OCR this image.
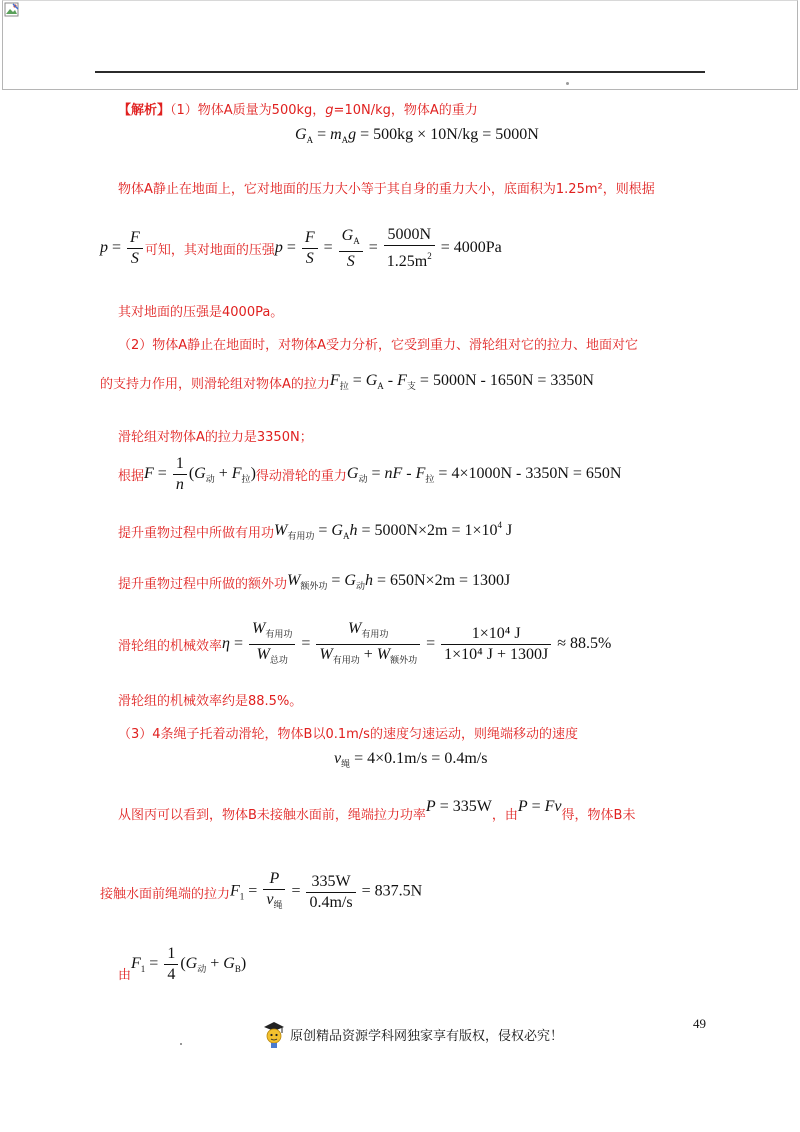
【解析】（1）物体A质量为500kg，g=10N/kg，物体A的重力
$G_A = m_Ag = 500kg \times 10N/kg = 5000N$
物体A静止在地面上，它对地面的压力大小等于其自身的重力大小，底面积为1.25m²，则根据
$p = \frac{F}{S}$ 可知，其对地面的压强 $p = \frac{F}{S} = \frac{G_A}{S} = \frac{5000N}{1.25m^2} = 4000Pa$
其对地面的压强是4000Pa。
（2）物体A静止在地面时，对物体A受力分析，它受到重力、滑轮组对它的拉力、地面对它
的支持力作用，则滑轮组对物体A的拉力 $F_拉 = G_A - F_支 = 5000N - 1650N = 3350N$
滑轮组对物体A的拉力是3350N；
根据 $F = \frac{1}{n} (G_动 + F_拉)$ 得动滑轮的重力 $G_动$ = nF - $F_拉 = 4\times 1000N - 3350N = 650N$
提升重物过程中所做有用功 $W_{有用功} = G_Ah = 5000N\times 2m = 1\times 10^4$ J
提升重物过程中所做的额外功 $W_{额外功} = G_动h = 650N\times 2m = 1300J$
滑轮组的机械效率 $\eta = \frac{W_{有用功}}{W_{总功}} = \frac{W_{有用功}}{W_{有用功} + W_{额外功}} = \frac{\text{1×10⁴ J}}{\text{1×10⁴ J + 1300J}} \approx 88.5\%$
滑轮组的机械效率约是88.5%。
（3）4条绳子托着动滑轮，物体B以0.1m/s的速度匀速运动，则绳端移动的速度
$v_绳 = 4\times 0.1m/s = 0.4m/s$
从图丙可以看到，物体B未接触水面前，绳端拉力功率
P = 335W
，由
P = Fv
得，物体B未
接触水面前绳端的拉力 $F_1 = \frac{P}{v_绳} = \frac{335W}{0.4m/s} = 837.5N$
由
$F_1 = \frac{1}{4} (G_动 + G_B)$
49
原创精品资源学科网独家享有版权，侵权必究！
